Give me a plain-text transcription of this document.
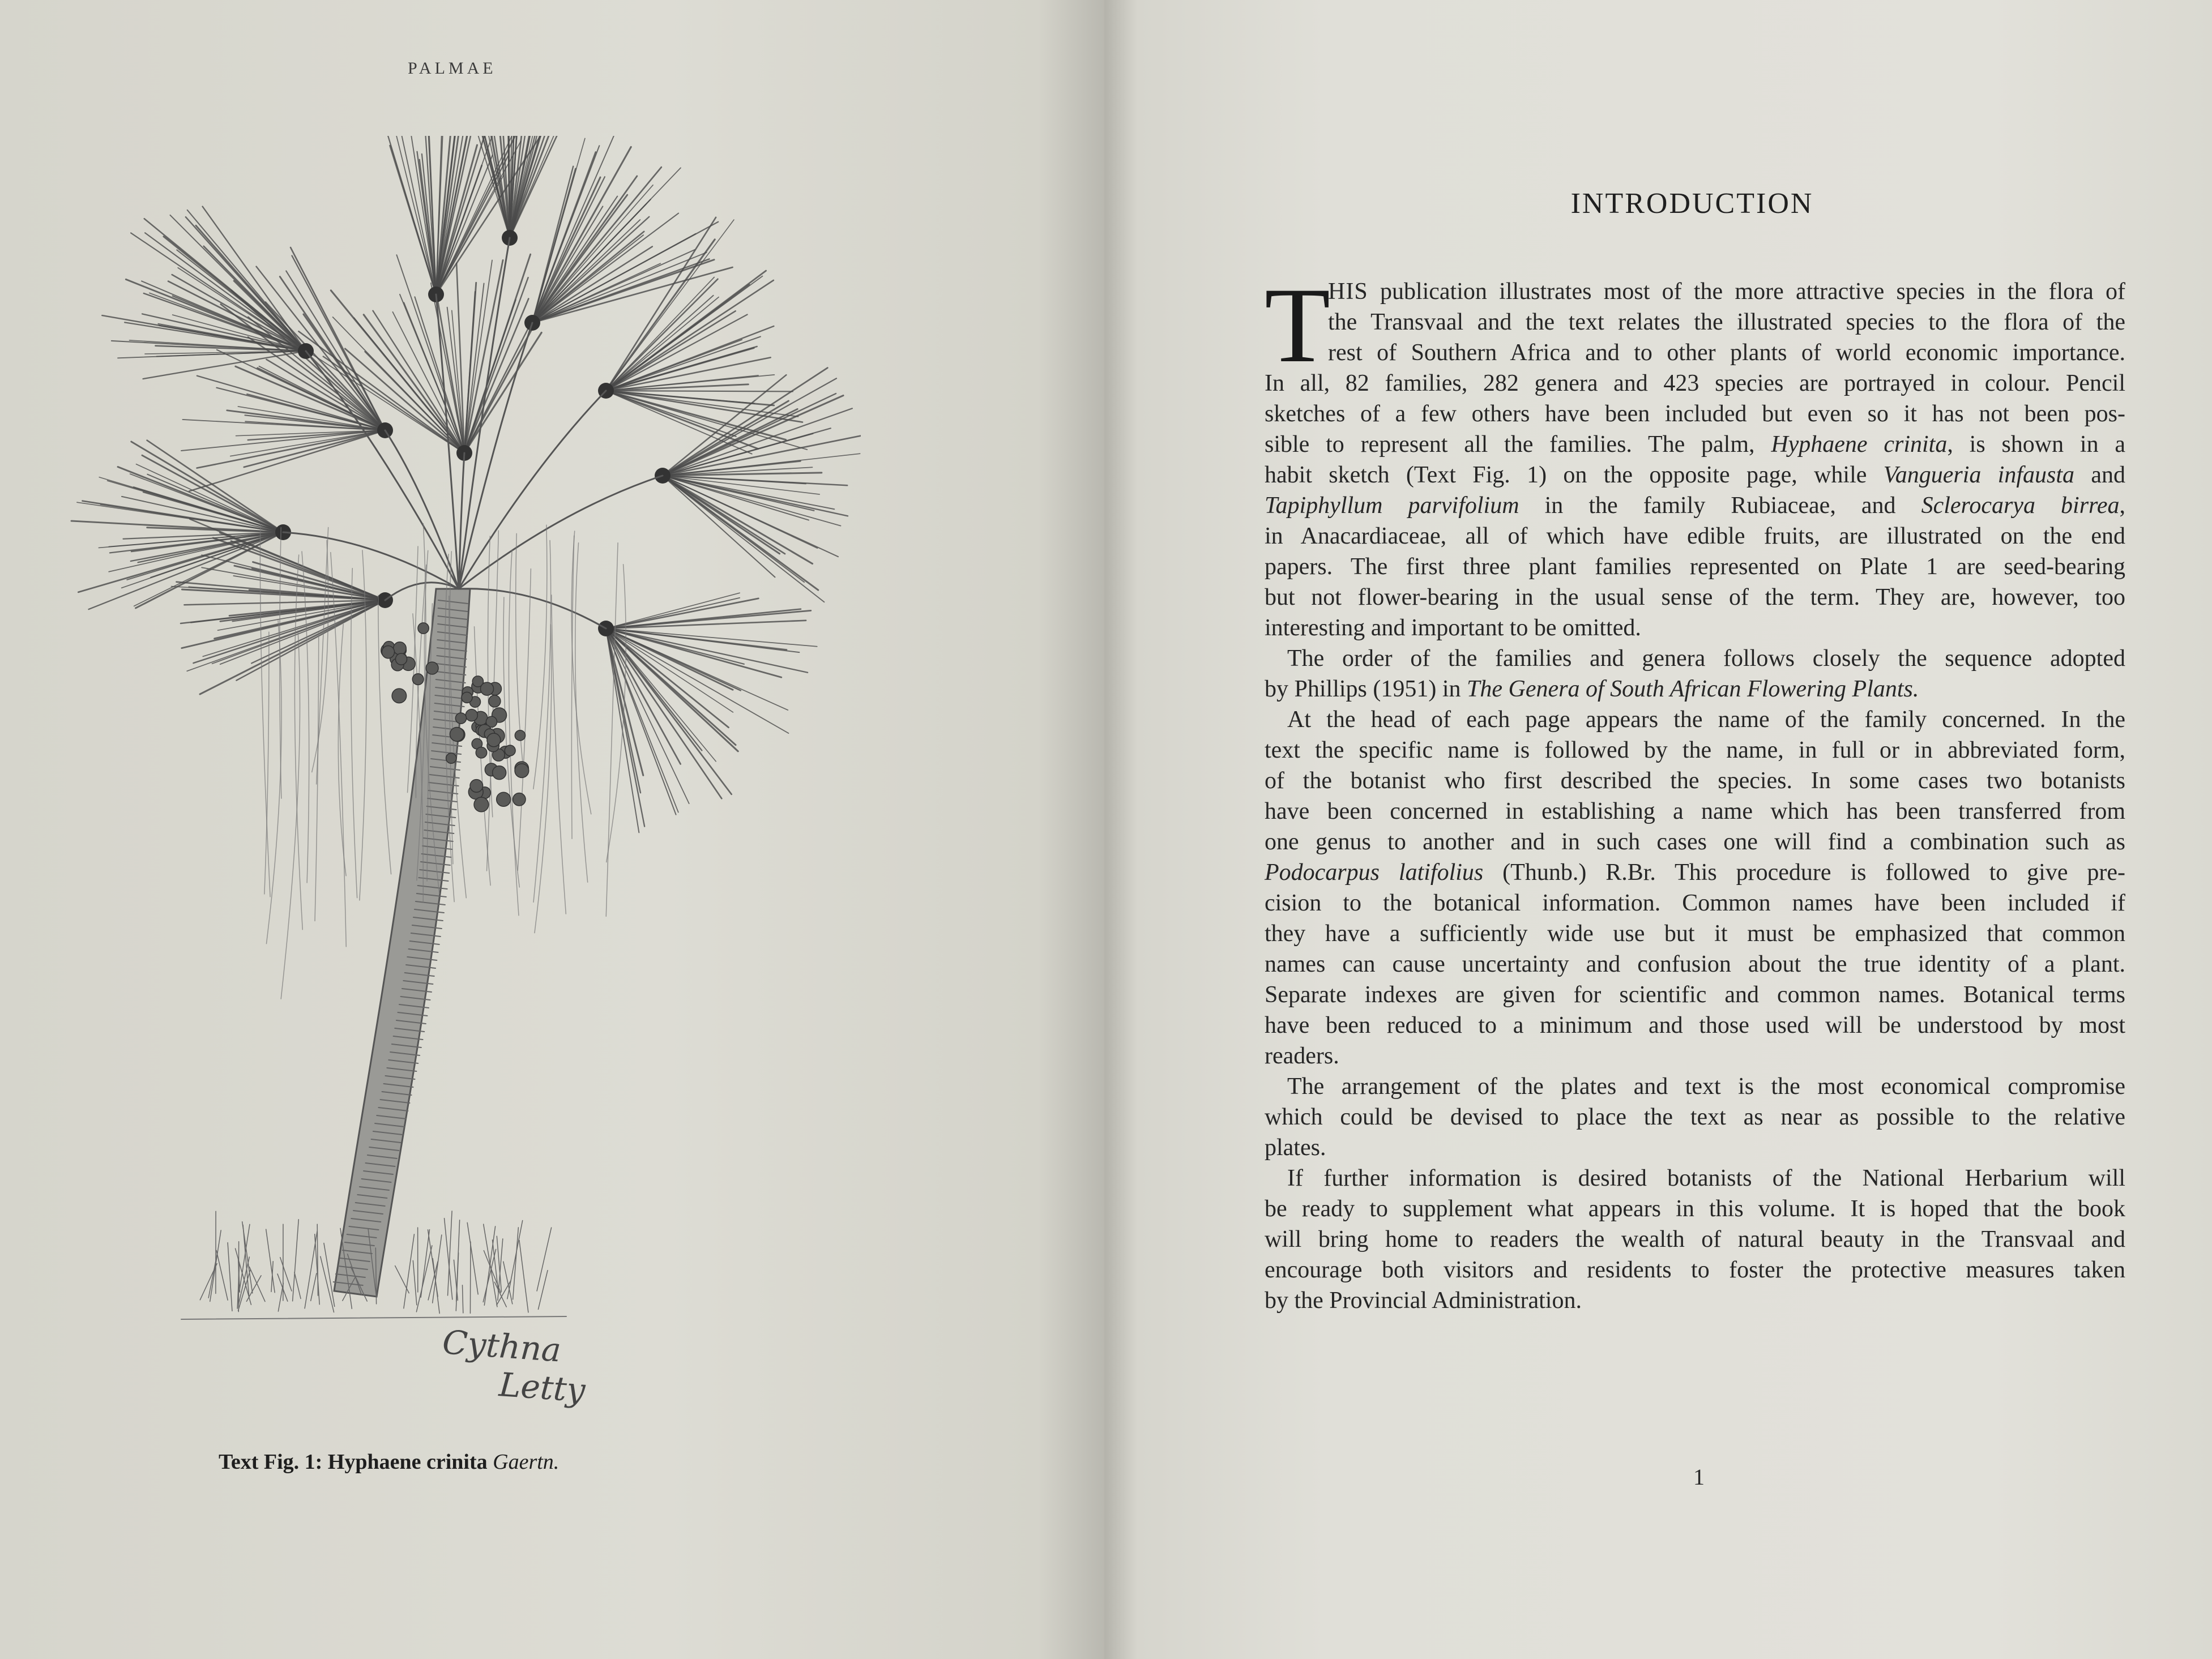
PALMAE
Cythna
Letty
Text Fig. 1: Hyphaene crinita Gaertn.
INTRODUCTION
T
HIS publication illustrates most of the more attractive species in the flora of
the Transvaal and the text relates the illustrated species to the flora of the
rest of Southern Africa and to other plants of world economic importance.
In all, 82 families, 282 genera and 423 species are portrayed in colour. Pencil
sketches of a few others have been included but even so it has not been pos-
sible to represent all the families. The palm, Hyphaene crinita, is shown in a
habit sketch (Text Fig. 1) on the opposite page, while Vangueria infausta and
Tapiphyllum parvifolium in the family Rubiaceae, and Sclerocarya birrea,
in Anacardiaceae, all of which have edible fruits, are illustrated on the end
papers. The first three plant families represented on Plate 1 are seed-bearing
but not flower-bearing in the usual sense of the term. They are, however, too
interesting and important to be omitted.
The order of the families and genera follows closely the sequence adopted
by Phillips (1951) in The Genera of South African Flowering Plants.
At the head of each page appears the name of the family concerned. In the
text the specific name is followed by the name, in full or in abbreviated form,
of the botanist who first described the species. In some cases two botanists
have been concerned in establishing a name which has been transferred from
one genus to another and in such cases one will find a combination such as
Podocarpus latifolius (Thunb.) R.Br. This procedure is followed to give pre-
cision to the botanical information. Common names have been included if
they have a sufficiently wide use but it must be emphasized that common
names can cause uncertainty and confusion about the true identity of a plant.
Separate indexes are given for scientific and common names. Botanical terms
have been reduced to a minimum and those used will be understood by most
readers.
The arrangement of the plates and text is the most economical compromise
which could be devised to place the text as near as possible to the relative
plates.
If further information is desired botanists of the National Herbarium will
be ready to supplement what appears in this volume. It is hoped that the book
will bring home to readers the wealth of natural beauty in the Transvaal and
encourage both visitors and residents to foster the protective measures taken
by the Provincial Administration.
1
